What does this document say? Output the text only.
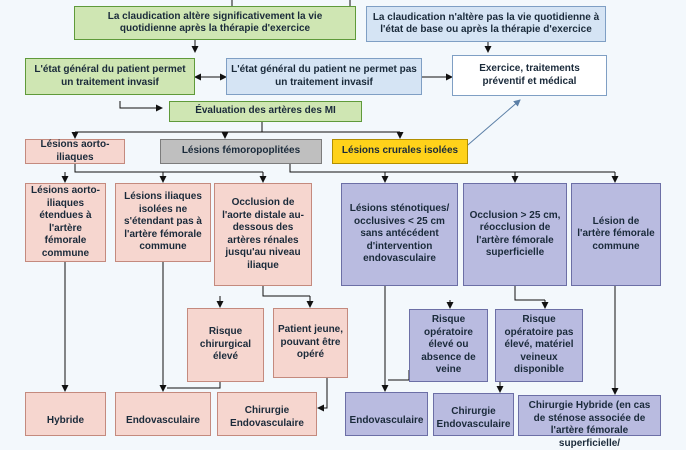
La claudication altère significativement la vie quotidienne après la thérapie d'exercice
La claudication n'altère pas la vie quotidienne à l'état de base ou après la thérapie d'exercice
L'état général du patient permet un traitement invasif
L'état général du patient ne permet pas un traitement invasif
Exercice, traitements préventif et médical
Évaluation des artères des MI
Lésions aorto-iliaques
Lésions fémoropoplitées	Lésions crurales isolées
Lésions aorto-iliaques étendues à l'artère fémorale commune
Lésions iliaques isolées ne s'étendant pas à l'artère fémorale commune
Occlusion de l'aorte distale au-dessous des artères rénales jusqu'au niveau iliaque
Lésions sténotiques/ occlusives < 25 cm sans antécédent d'intervention endovasculaire
Occlusion > 25 cm, réocclusion de l'artère fémorale superficielle
Lésion de l'artère fémorale commune
Risque chirurgical élevé
Patient jeune, pouvant être opéré
Risque opératoire élevé ou absence de veine
Risque opératoire pas élevé, matériel veineux disponible
Hybride	Endovasculaire
Chirurgie Endovasculaire	Endovasculaire
Chirurgie Endovasculaire
Chirurgie Hybride (en cas de sténose associée de l'artère fémorale superficielle/
